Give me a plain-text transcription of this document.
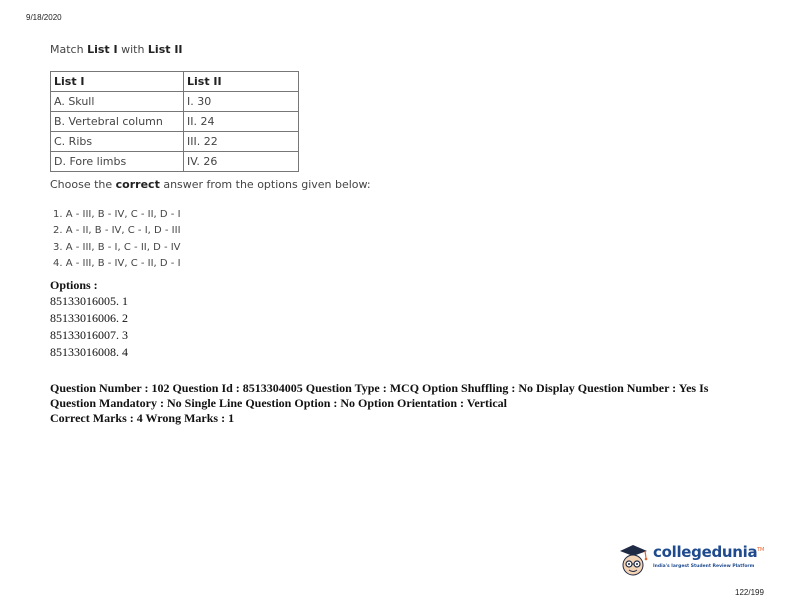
9/18/2020
Match List I with List II
List I	List II
A. Skull	I. 30
B. Vertebral column	II. 24
C. Ribs	III. 22
D. Fore limbs	IV. 26
Choose the correct answer from the options given below:
1. A - III, B - IV, C - II, D - I
2. A - II, B - IV, C - I, D - III
3. A - III, B - I, C - II, D - IV
4. A - III, B - IV, C - II, D - I
Options :
85133016005. 1
85133016006. 2
85133016007. 3
85133016008. 4
Question Number : 102 Question Id : 8513304005 Question Type : MCQ Option Shuffling : No Display Question Number : Yes Is
Question Mandatory : No Single Line Question Option : No Option Orientation : Vertical
Correct Marks : 4 Wrong Marks : 1
collegedunia TM
India's largest Student Review Platform
122/199
